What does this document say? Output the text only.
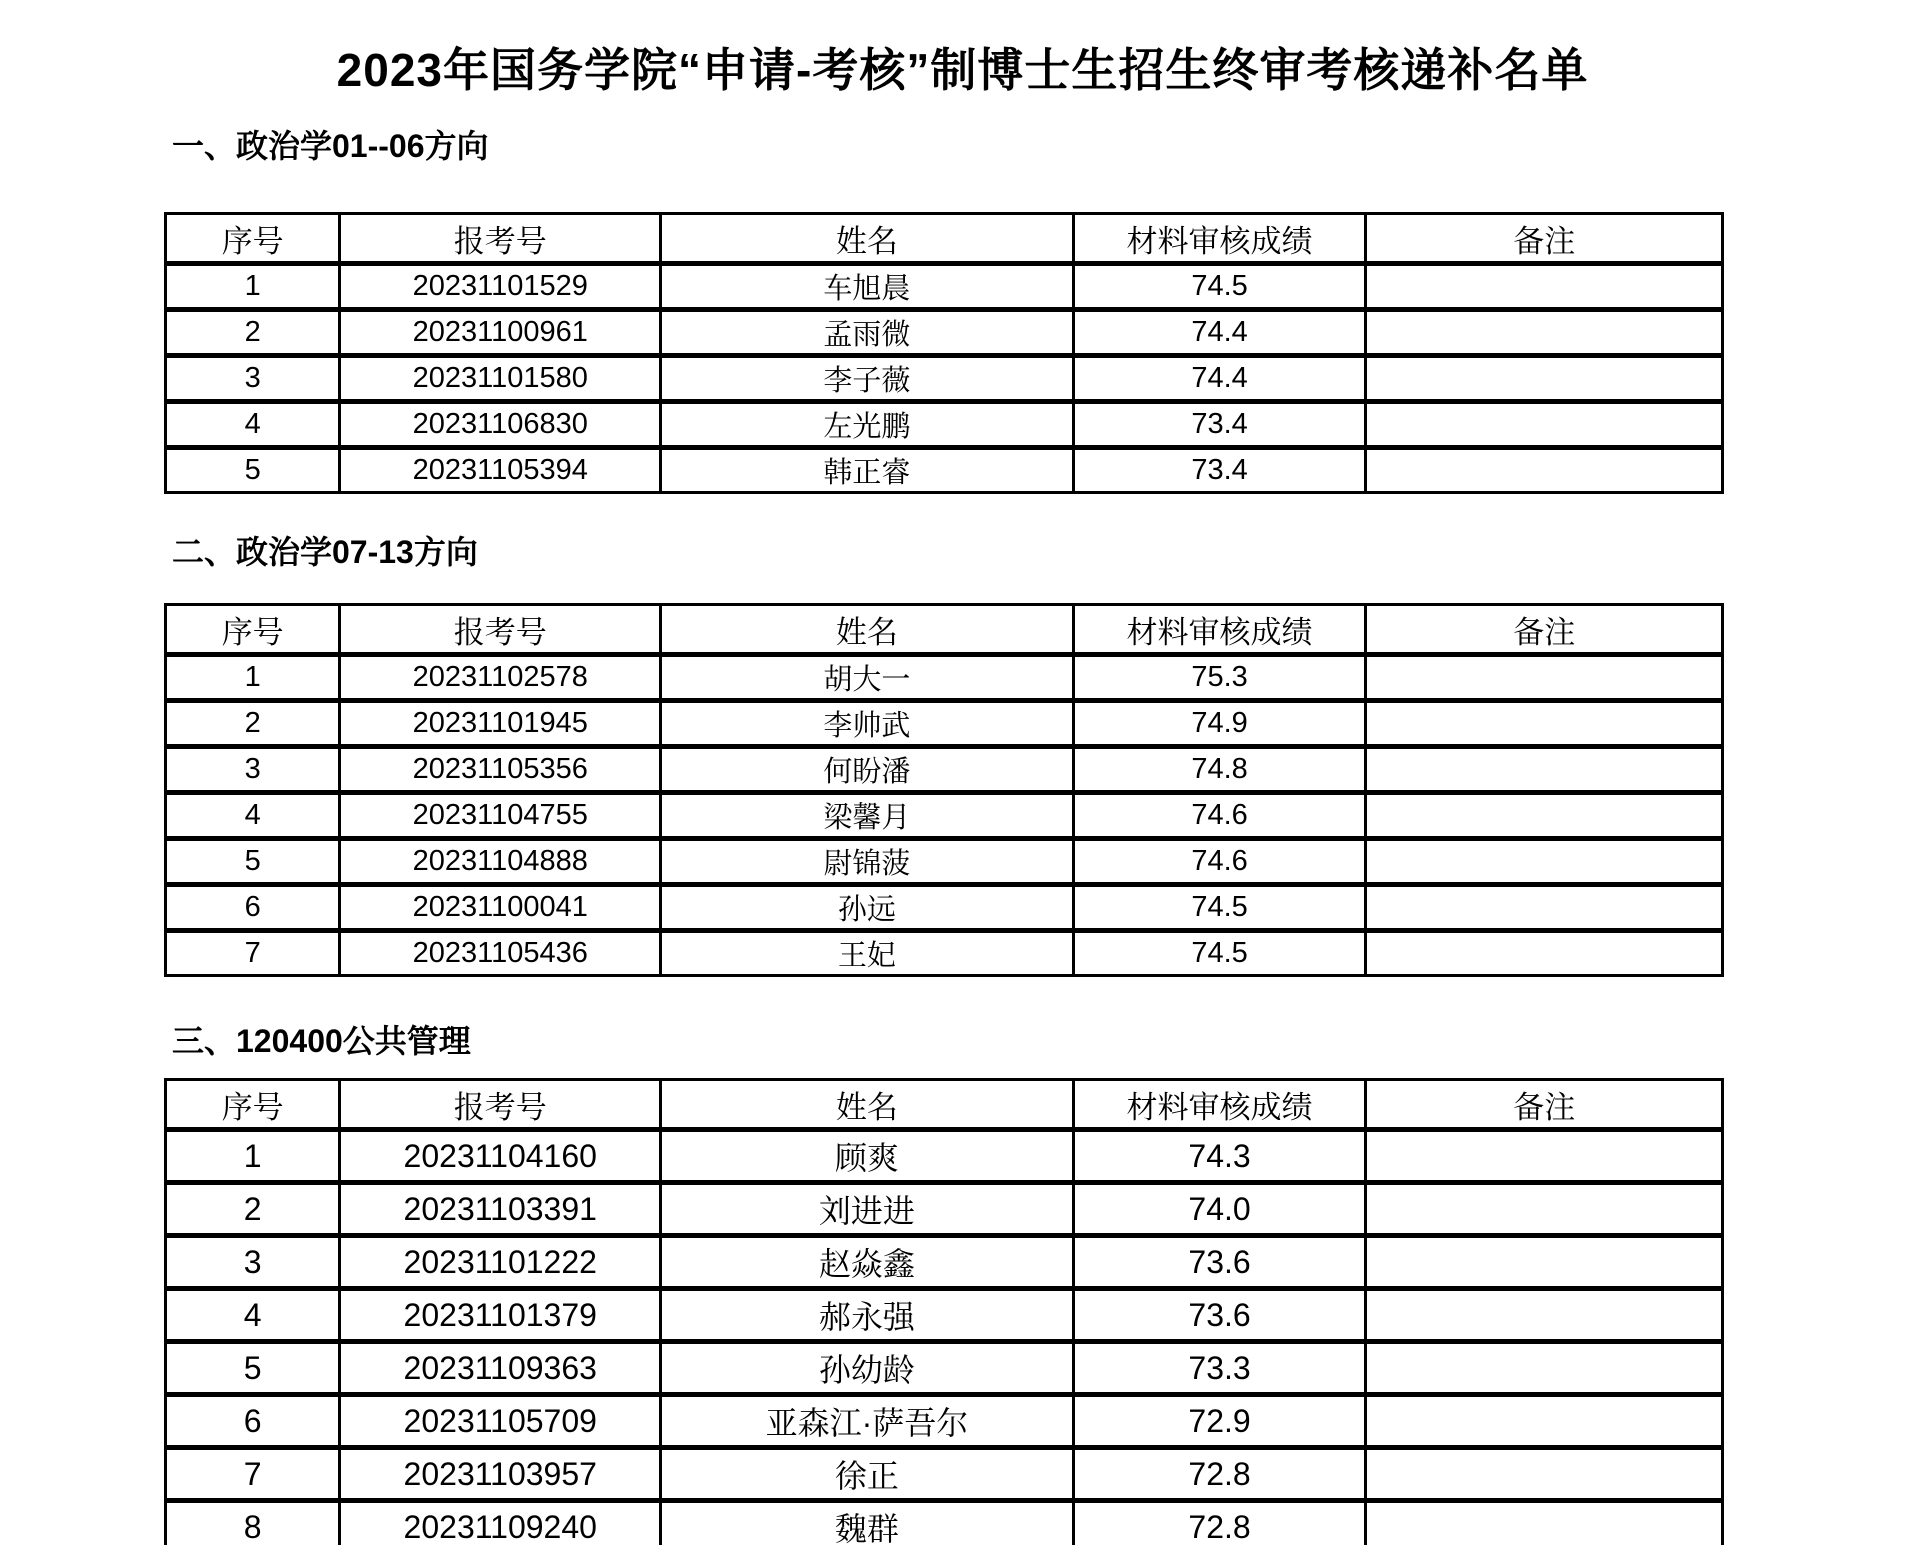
2023年国务学院“申请-考核”制博士生招生终审考核递补名单
一、政治学01--06方向
序号	报考号	姓名	材料审核成绩	备注
1	20231101529	车旭晨	74.5	
2	20231100961	孟雨微	74.4	
3	20231101580	李子薇	74.4	
4	20231106830	左光鹏	73.4	
5	20231105394	韩正睿	73.4	
二、政治学07-13方向
序号	报考号	姓名	材料审核成绩	备注
1	20231102578	胡大一	75.3	
2	20231101945	李帅武	74.9	
3	20231105356	何盼潘	74.8	
4	20231104755	梁馨月	74.6	
5	20231104888	尉锦菠	74.6	
6	20231100041	孙远	74.5	
7	20231105436	王妃	74.5	
三、120400公共管理
序号	报考号	姓名	材料审核成绩	备注
1	20231104160	顾爽	74.3	
2	20231103391	刘进进	74.0	
3	20231101222	赵焱鑫	73.6	
4	20231101379	郝永强	73.6	
5	20231109363	孙幼龄	73.3	
6	20231105709	亚森江·萨吾尔	72.9	
7	20231103957	徐正	72.8	
8	20231109240	魏群	72.8	
